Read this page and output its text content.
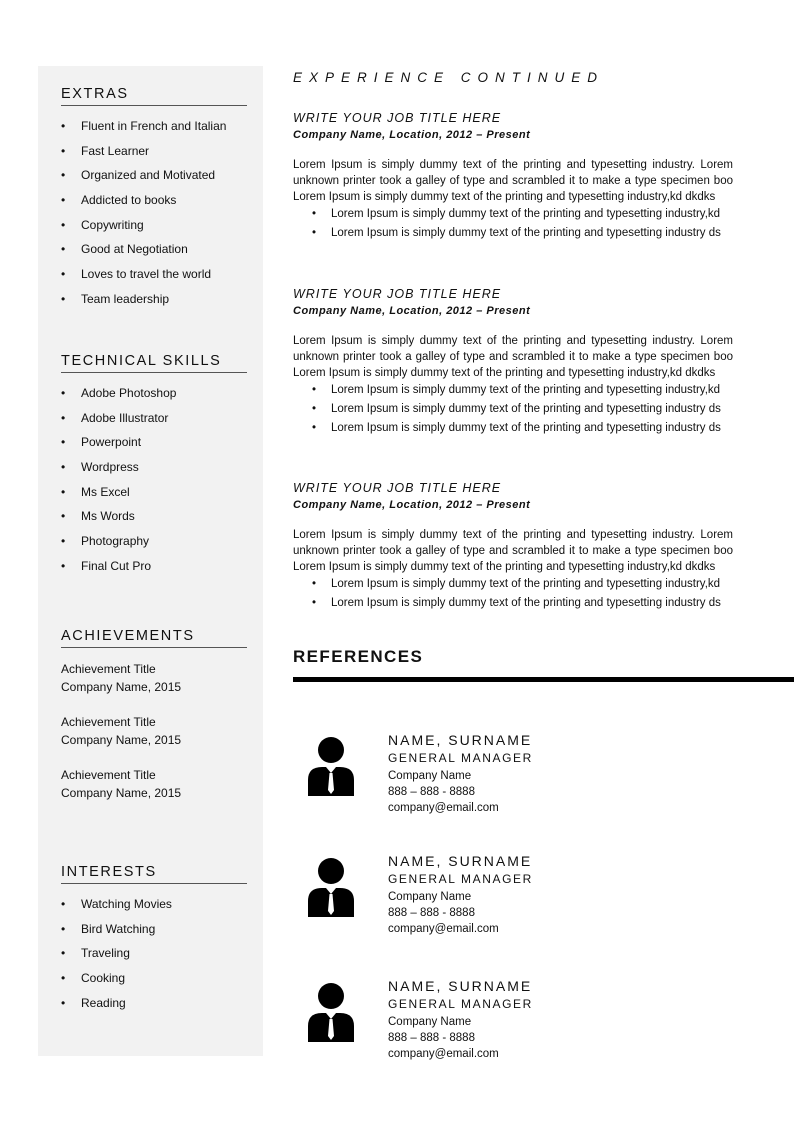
EXTRAS
• Fluent in French and Italian
• Fast Learner
• Organized and Motivated
• Addicted to books
• Copywriting
• Good at Negotiation
• Loves to travel the world
• Team leadership
TECHNICAL SKILLS
• Adobe Photoshop
• Adobe Illustrator
• Powerpoint
• Wordpress
• Ms Excel
• Ms Words
• Photography
• Final Cut Pro
ACHIEVEMENTS
Achievement Title
Company Name, 2015
Achievement Title
Company Name, 2015
Achievement Title
Company Name, 2015
INTERESTS
• Watching Movies
• Bird Watching
• Traveling
• Cooking
• Reading
EXPERIENCE CONTINUED
WRITE YOUR JOB TITLE HERE
Company Name, Location, 2012 – Present
Lorem Ipsum is simply dummy text of the printing and typesetting industry. Lorem unknown printer took a galley of type and scrambled it to make a type specimen boo Lorem Ipsum is simply dummy text of the printing and typesetting industry,kd dkdks
• Lorem Ipsum is simply dummy text of the printing and typesetting industry,kd
• Lorem Ipsum is simply dummy text of the printing and typesetting industry ds
WRITE YOUR JOB TITLE HERE
Company Name, Location, 2012 – Present
Lorem Ipsum is simply dummy text of the printing and typesetting industry. Lorem unknown printer took a galley of type and scrambled it to make a type specimen boo Lorem Ipsum is simply dummy text of the printing and typesetting industry,kd dkdks
• Lorem Ipsum is simply dummy text of the printing and typesetting industry,kd
• Lorem Ipsum is simply dummy text of the printing and typesetting industry ds
• Lorem Ipsum is simply dummy text of the printing and typesetting industry ds
WRITE YOUR JOB TITLE HERE
Company Name, Location, 2012 – Present
Lorem Ipsum is simply dummy text of the printing and typesetting industry. Lorem unknown printer took a galley of type and scrambled it to make a type specimen boo Lorem Ipsum is simply dummy text of the printing and typesetting industry,kd dkdks
• Lorem Ipsum is simply dummy text of the printing and typesetting industry,kd
• Lorem Ipsum is simply dummy text of the printing and typesetting industry ds
REFERENCES
NAME, SURNAME
GENERAL MANAGER
Company Name
888 – 888 - 8888
company@email.com
NAME, SURNAME
GENERAL MANAGER
Company Name
888 – 888 - 8888
company@email.com
NAME, SURNAME
GENERAL MANAGER
Company Name
888 – 888 - 8888
company@email.com
